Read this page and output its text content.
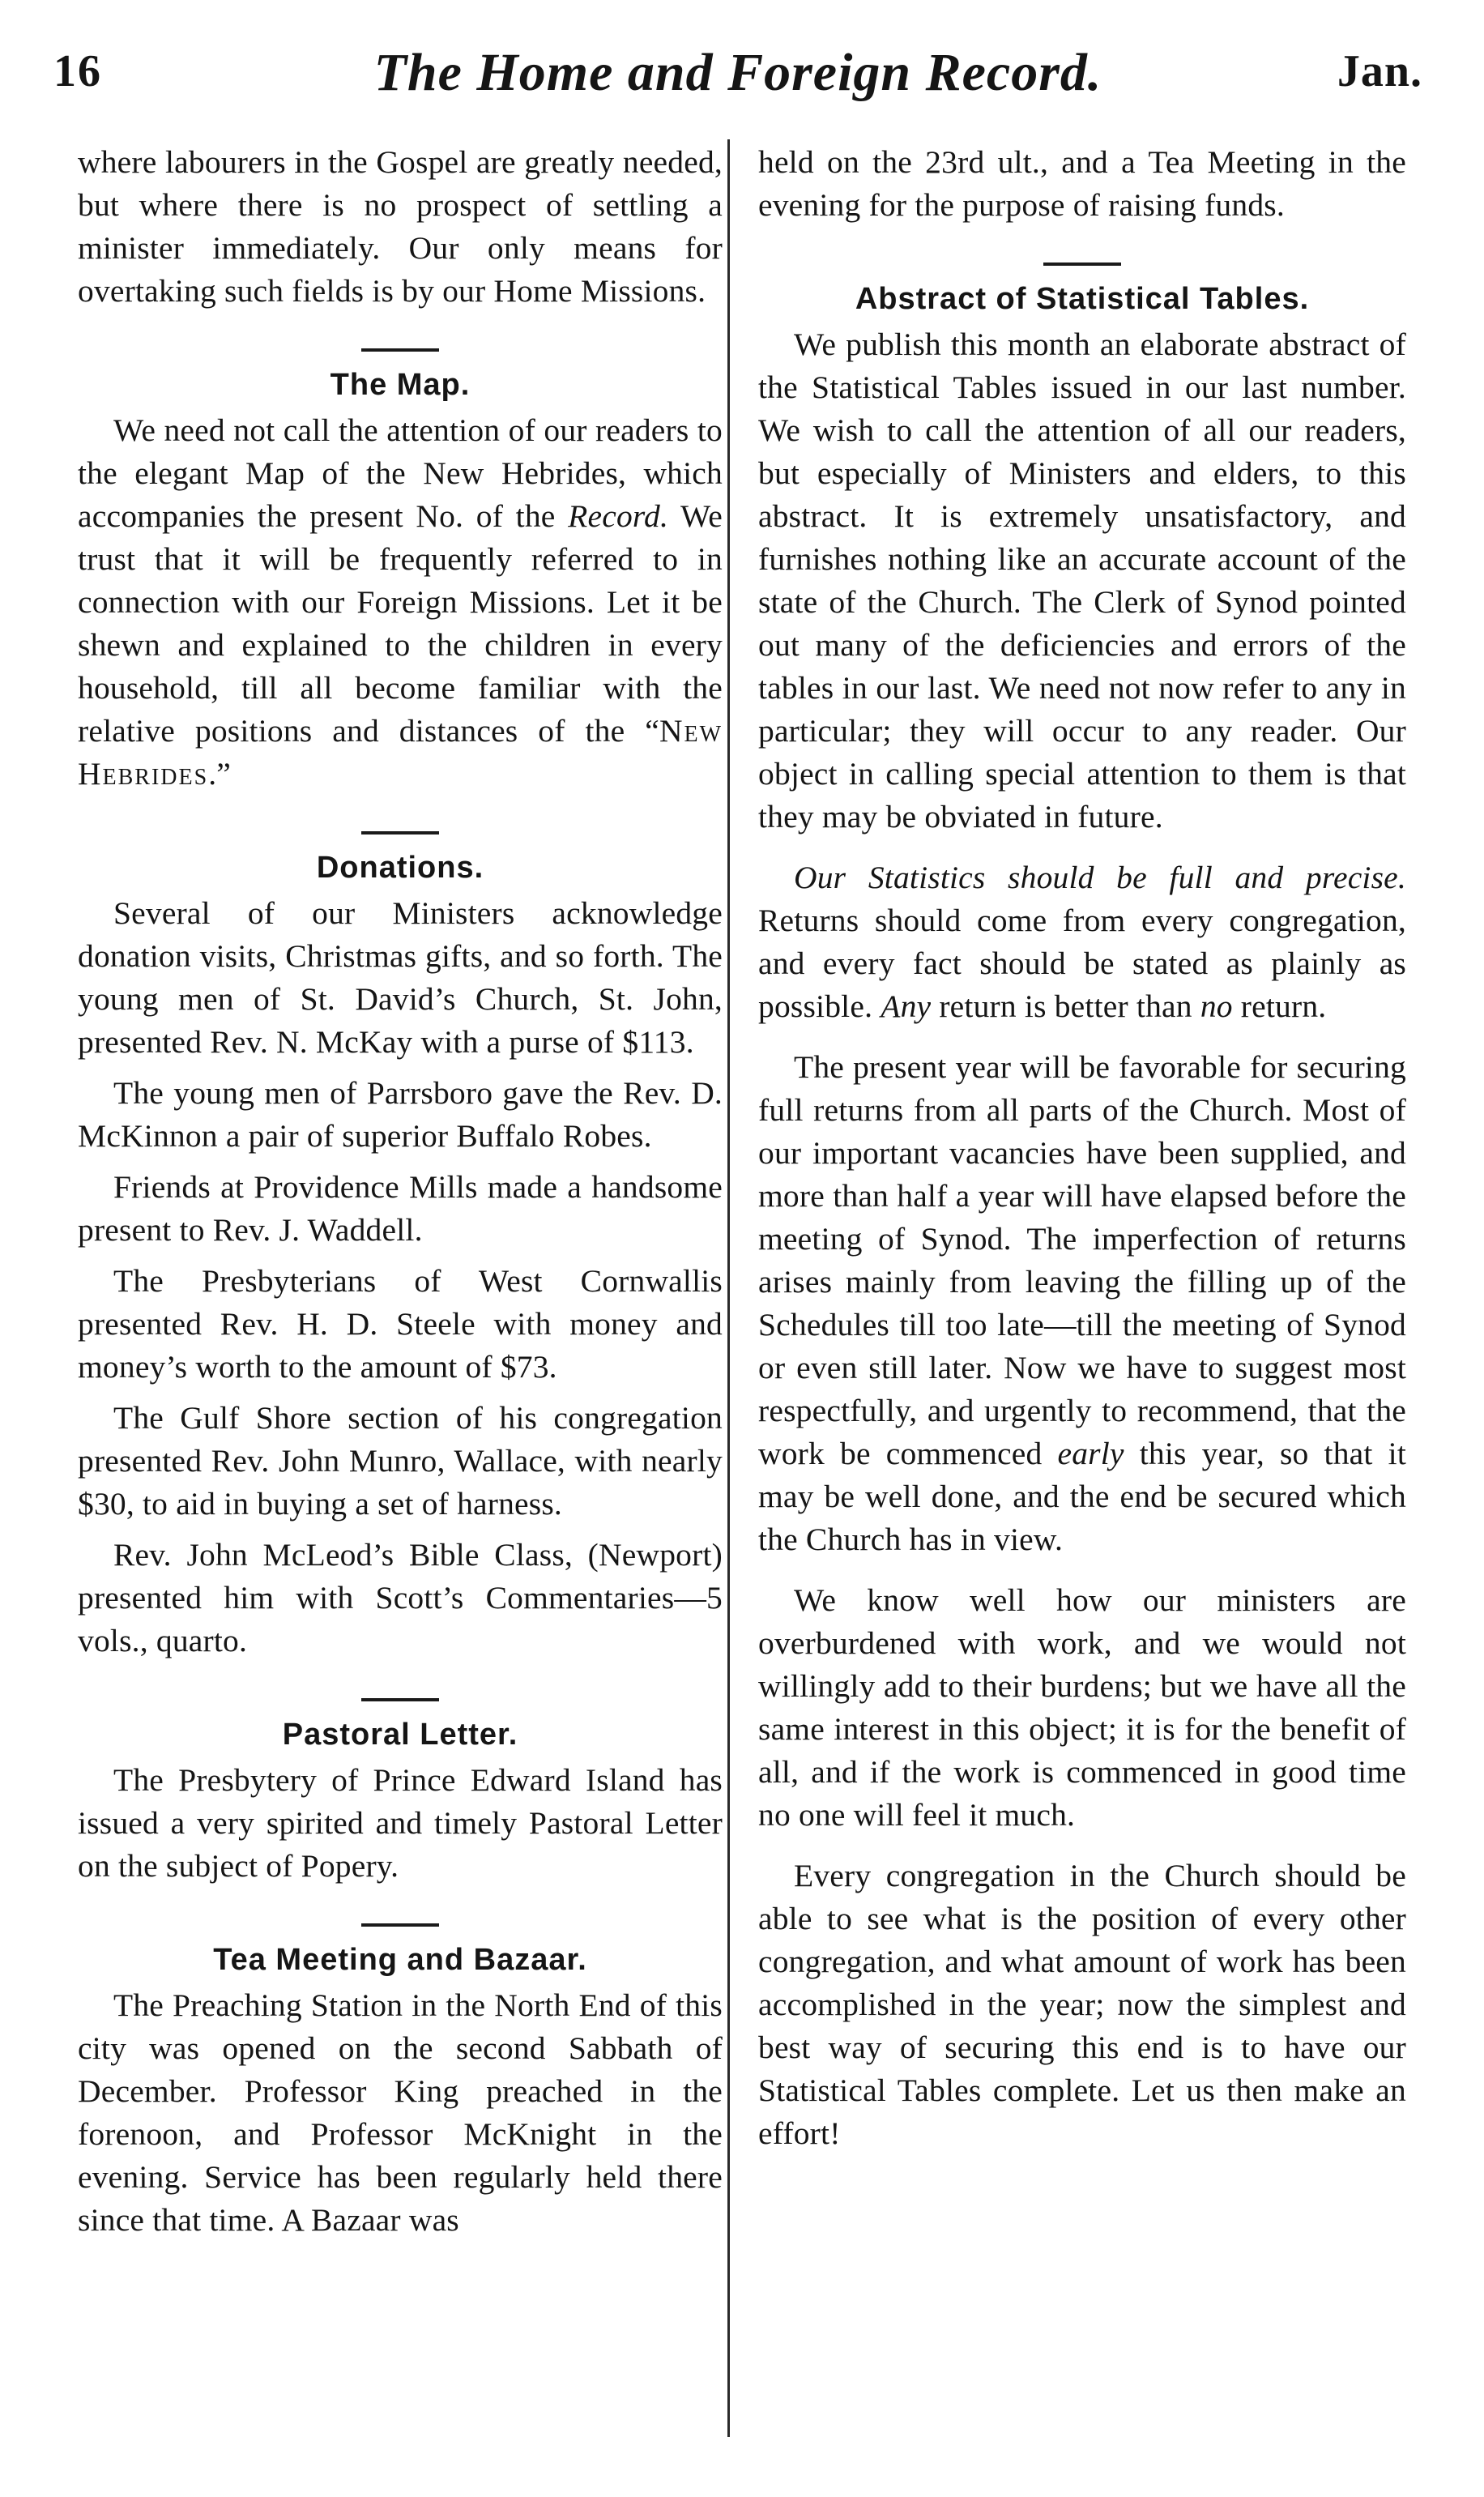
16	The Home and Foreign Record.	Jan.

where labourers in the Gospel are greatly needed, but where there is no prospect of settling a minister immediately. Our only means for overtaking such fields is by our Home Missions.

The Map.

We need not call the attention of our readers to the elegant Map of the New Hebrides, which accompanies the present No. of the Record. We trust that it will be frequently referred to in connection with our Foreign Missions. Let it be shewn and explained to the children in every household, till all become familiar with the relative positions and distances of the “New Hebrides.”

Donations.

Several of our Ministers acknowledge donation visits, Christmas gifts, and so forth. The young men of St. David’s Church, St. John, presented Rev. N. McKay with a purse of $113.

The young men of Parrsboro gave the Rev. D. McKinnon a pair of superior Buffalo Robes.

Friends at Providence Mills made a handsome present to Rev. J. Waddell.

The Presbyterians of West Cornwallis presented Rev. H. D. Steele with money and money’s worth to the amount of $73.

The Gulf Shore section of his congregation presented Rev. John Munro, Wallace, with nearly $30, to aid in buying a set of harness.

Rev. John McLeod’s Bible Class, (Newport) presented him with Scott’s Commentaries—5 vols., quarto.

Pastoral Letter.

The Presbytery of Prince Edward Island has issued a very spirited and timely Pastoral Letter on the subject of Popery.

Tea Meeting and Bazaar.

The Preaching Station in the North End of this city was opened on the second Sabbath of December. Professor King preached in the forenoon, and Professor McKnight in the evening. Service has been regularly held there since that time. A Bazaar was

held on the 23rd ult., and a Tea Meeting in the evening for the purpose of raising funds.

Abstract of Statistical Tables.

We publish this month an elaborate abstract of the Statistical Tables issued in our last number. We wish to call the attention of all our readers, but especially of Ministers and elders, to this abstract. It is extremely unsatisfactory, and furnishes nothing like an accurate account of the state of the Church. The Clerk of Synod pointed out many of the deficiencies and errors of the tables in our last. We need not now refer to any in particular; they will occur to any reader. Our object in calling special attention to them is that they may be obviated in future.

Our Statistics should be full and precise. Returns should come from every congregation, and every fact should be stated as plainly as possible. Any return is better than no return.

The present year will be favorable for securing full returns from all parts of the Church. Most of our important vacancies have been supplied, and more than half a year will have elapsed before the meeting of Synod. The imperfection of returns arises mainly from leaving the filling up of the Schedules till too late—till the meeting of Synod or even still later. Now we have to suggest most respectfully, and urgently to recommend, that the work be commenced early this year, so that it may be well done, and the end be secured which the Church has in view.

We know well how our ministers are overburdened with work, and we would not willingly add to their burdens; but we have all the same interest in this object; it is for the benefit of all, and if the work is commenced in good time no one will feel it much.

Every congregation in the Church should be able to see what is the position of every other congregation, and what amount of work has been accomplished in the year; now the simplest and best way of securing this end is to have our Statistical Tables complete. Let us then make an effort!
